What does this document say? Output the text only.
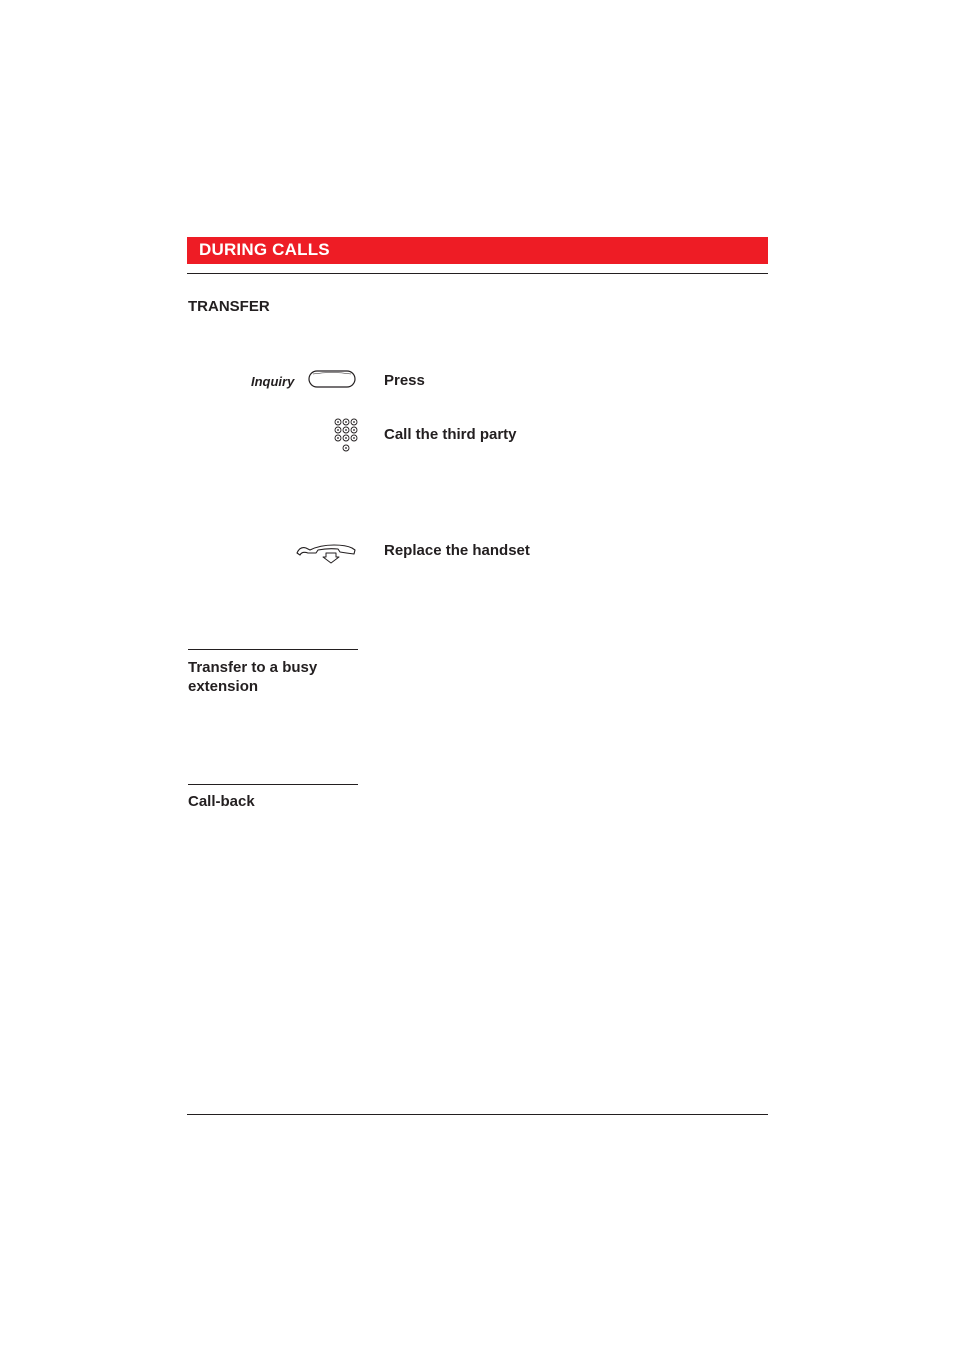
DURING CALLS
TRANSFER
Inquiry	Press
Call the third party
Replace the handset
Transfer to a busy extension
Call-back
